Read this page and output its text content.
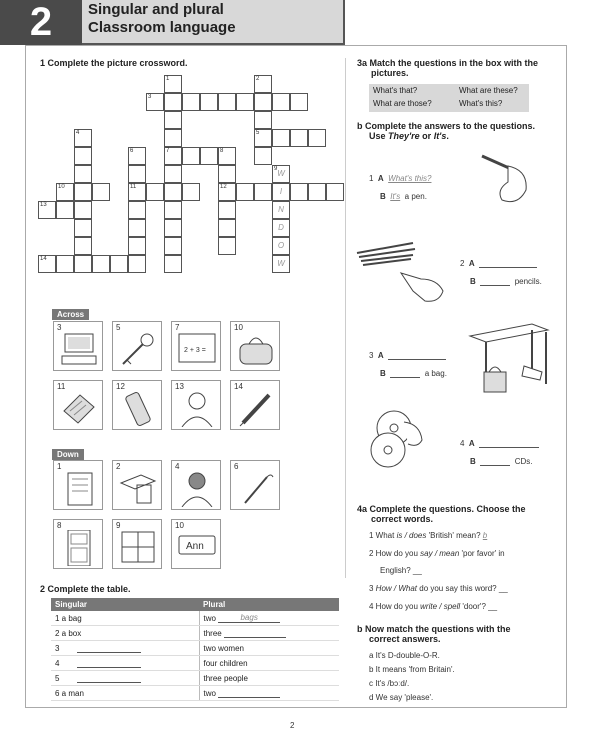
2	Singular and plural
Classroom language
1 Complete the picture crossword.
1	2
3
4	5
6	7	8
9
10	11	12
13
14
W
I
N
D
O
W
Across
Down
3	5	7
2 + 3 =
10
11	12	13	14
1	2	4	6
8	9	10
Ann
2 Complete the table.
Singular	Plural
1 a bag	two bags
2 a box	three
3	two women
4	four children
5	three people
6 a man	two
3a Match the questions in the box with the
pictures.
What's that?	What are these?
What are those?	What's this?
b Complete the answers to the questions.
Use They're or It's.
1 A What's this?
B It's a pen.
2 A
B	pencils.
3 A
B	a bag.
4 A
B	CDs.
4a Complete the questions. Choose the
correct words.
1 What is / does 'British' mean? b
2 How do you say / mean 'por favor' in
English? __
3 How / What do you say this word? __
4 How do you write / spell 'door'? __
b Now match the questions with the
correct answers.
a It's D-double-O-R.
b It means 'from Britain'.
c It's /bɔːd/.
d We say 'please'.
2
